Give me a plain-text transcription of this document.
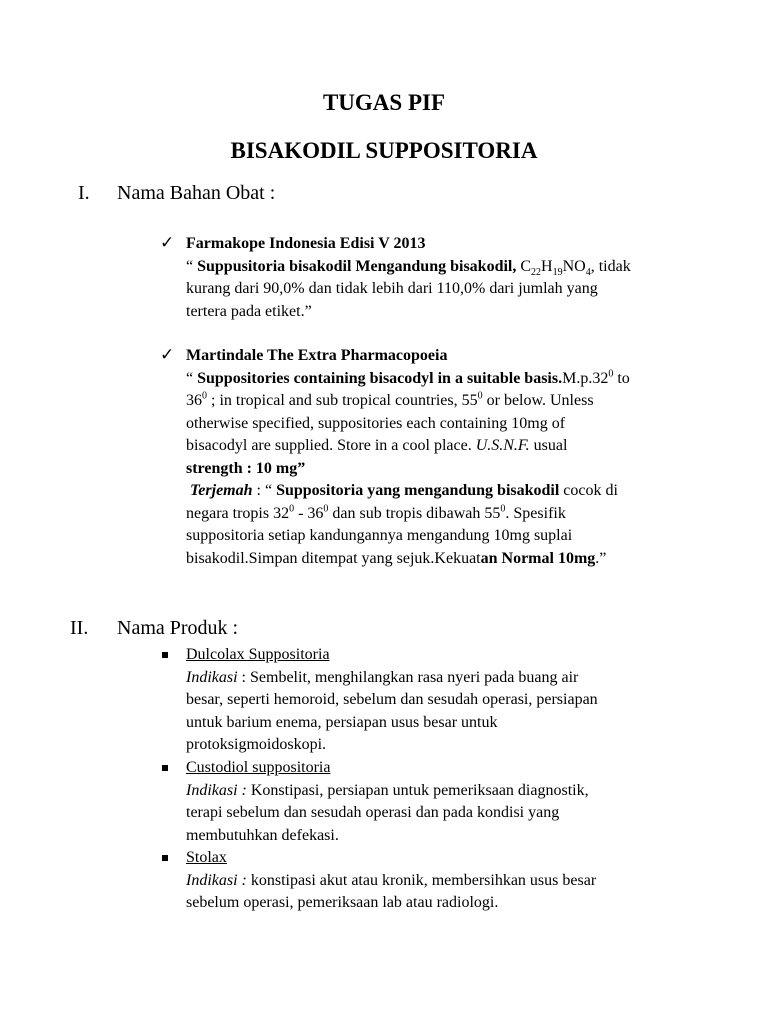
TUGAS PIF
BISAKODIL SUPPOSITORIA
I. Nama Bahan Obat :
✓ Farmakope Indonesia Edisi V 2013
“ Suppusitoria bisakodil Mengandung bisakodil, $C_{22}H_{19}NO_4$, tidak
kurang dari 90,0% dan tidak lebih dari 110,0% dari jumlah yang
tertera pada etiket.”
✓ Martindale The Extra Pharmacopoeia
“ Suppositories containing bisacodyl in a suitable $basis.M.p.32^0$ to
$36^0$ ; in tropical and sub tropical countries, $55^0$ or below. Unless
otherwise specified, suppositories each containing 10mg of
bisacodyl are supplied. Store in a cool place. U.S.N.F. usual
strength : 10 mg”
Terjemah : “ Suppositoria yang mengandung bisakodil cocok di
negara tropis $32^0 - 36^0$ dan sub tropis dibawah $55^0$. Spesifik
suppositoria setiap kandungannya mengandung 10mg suplai
bisakodil.Simpan ditempat yang sejuk.Kekuatan Normal 10mg.”
II. Nama Produk :
Dulcolax Suppositoria
Indikasi : Sembelit, menghilangkan rasa nyeri pada buang air
besar, seperti hemoroid, sebelum dan sesudah operasi, persiapan
untuk barium enema, persiapan usus besar untuk
protoksigmoidoskopi.
Custodiol suppositoria
Indikasi : Konstipasi, persiapan untuk pemeriksaan diagnostik,
terapi sebelum dan sesudah operasi dan pada kondisi yang
membutuhkan defekasi.
Stolax
Indikasi : konstipasi akut atau kronik, membersihkan usus besar
sebelum operasi, pemeriksaan lab atau radiologi.
